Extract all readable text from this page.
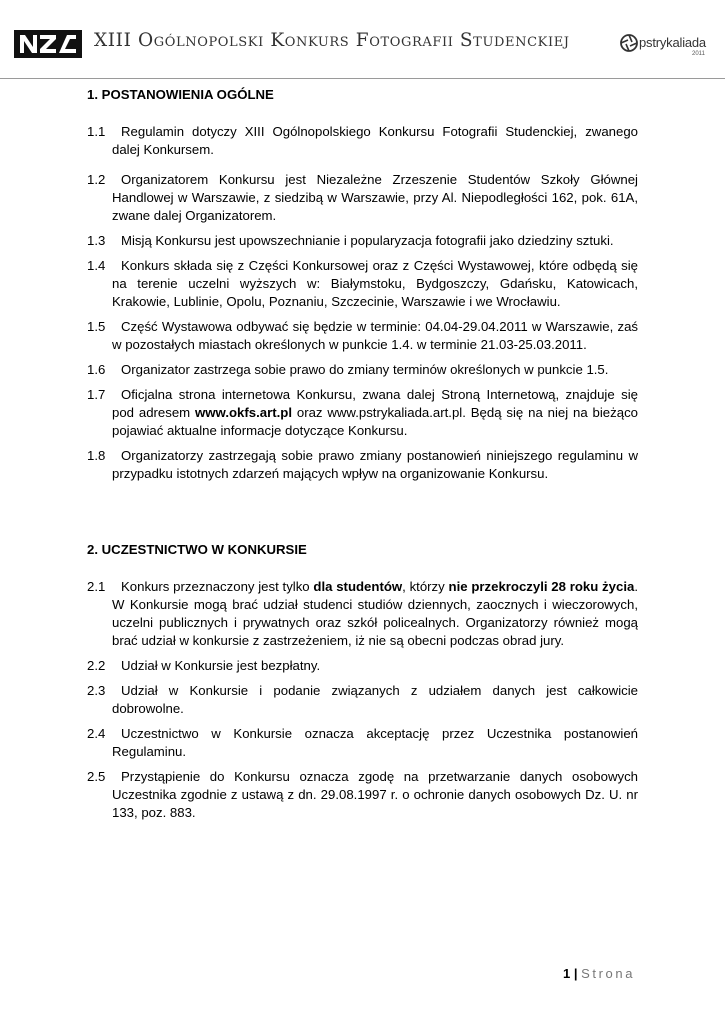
XIII Ogólnopolski Konkurs Fotografii Studenckiej	pstrykaliada
2011
1. POSTANOWIENIA OGÓLNE
1.1	Regulamin dotyczy XIII Ogólnopolskiego Konkursu Fotografii Studenckiej, zwanego dalej Konkursem.
1.2	Organizatorem Konkursu jest Niezależne Zrzeszenie Studentów Szkoły Głównej Handlowej w Warszawie, z siedzibą w Warszawie, przy Al. Niepodległości 162, pok. 61A, zwane dalej Organizatorem.
1.3	Misją Konkursu jest upowszechnianie i popularyzacja fotografii jako dziedziny sztuki.
1.4	Konkurs składa się z Części Konkursowej oraz z Części Wystawowej, które odbędą się na terenie uczelni wyższych w: Białymstoku, Bydgoszczy, Gdańsku, Katowicach, Krakowie, Lublinie, Opolu, Poznaniu, Szczecinie, Warszawie i we Wrocławiu.
1.5	Część Wystawowa odbywać się będzie w terminie: 04.04-29.04.2011 w Warszawie, zaś w pozostałych miastach określonych w punkcie 1.4. w terminie 21.03-25.03.2011.
1.6	Organizator zastrzega sobie prawo do zmiany terminów określonych w punkcie 1.5.
1.7	Oficjalna strona internetowa Konkursu, zwana dalej Stroną Internetową, znajduje się pod adresem www.okfs.art.pl oraz www.pstrykaliada.art.pl. Będą się na niej na bieżąco pojawiać aktualne informacje dotyczące Konkursu.
1.8	Organizatorzy zastrzegają sobie prawo zmiany postanowień niniejszego regulaminu w przypadku istotnych zdarzeń mających wpływ na organizowanie Konkursu.
2. UCZESTNICTWO W KONKURSIE
2.1	Konkurs przeznaczony jest tylko dla studentów, którzy nie przekroczyli 28 roku życia. W Konkursie mogą brać udział studenci studiów dziennych, zaocznych i wieczorowych, uczelni publicznych i prywatnych oraz szkół policealnych. Organizatorzy również mogą brać udział w konkursie z zastrzeżeniem, iż nie są obecni podczas obrad jury.
2.2	Udział w Konkursie jest bezpłatny.
2.3	Udział w Konkursie i podanie związanych z udziałem danych jest całkowicie dobrowolne.
2.4	Uczestnictwo w Konkursie oznacza akceptację przez Uczestnika postanowień Regulaminu.
2.5	Przystąpienie do Konkursu oznacza zgodę na przetwarzanie danych osobowych Uczestnika zgodnie z ustawą z dn. 29.08.1997 r. o ochronie danych osobowych Dz. U. nr 133, poz. 883.
1 | Strona
